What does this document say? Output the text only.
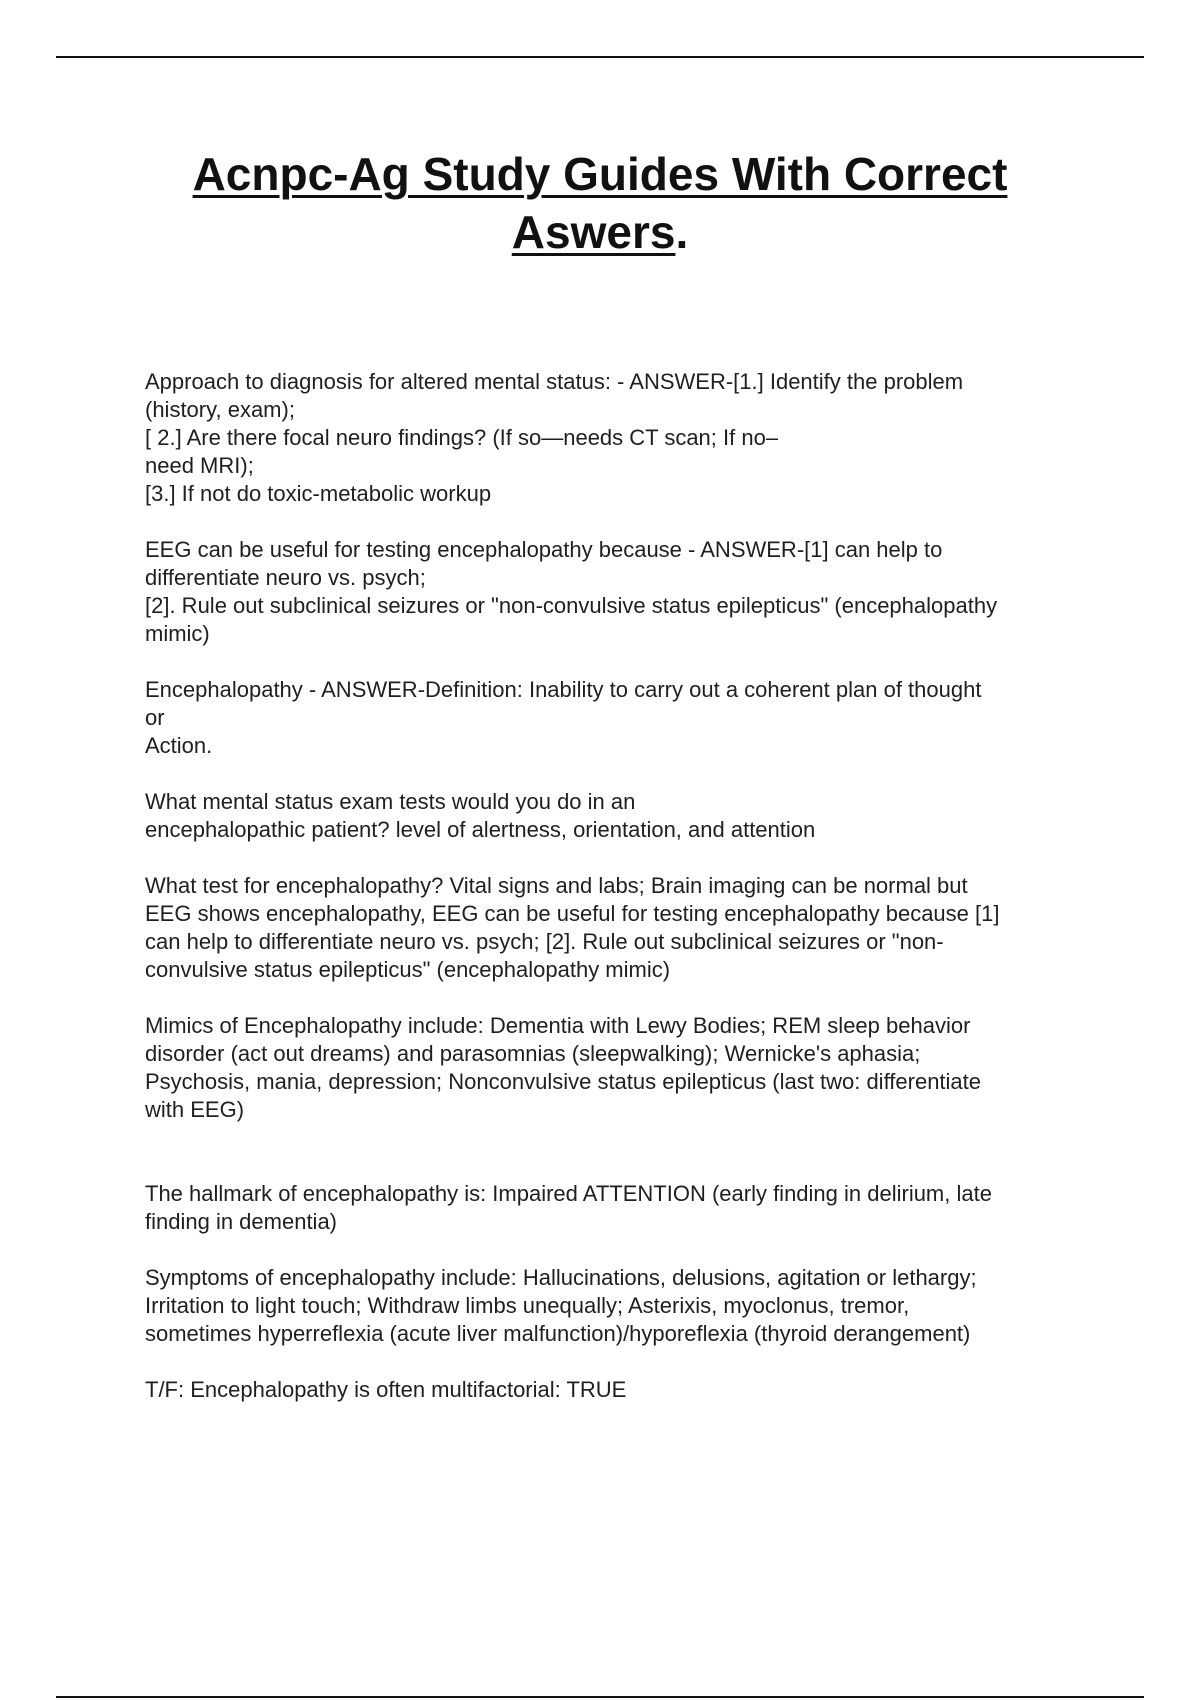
Acnpc-Ag Study Guides With Correct
Aswers.

Approach to diagnosis for altered mental status: - ANSWER-[1.] Identify the problem
(history, exam);
[ 2.] Are there focal neuro findings? (If so—needs CT scan; If no–
need MRI);
[3.] If not do toxic-metabolic workup

EEG can be useful for testing encephalopathy because - ANSWER-[1] can help to
differentiate neuro vs. psych;
[2]. Rule out subclinical seizures or "non-convulsive status epilepticus" (encephalopathy
mimic)

Encephalopathy - ANSWER-Definition: Inability to carry out a coherent plan of thought
or
Action.

What mental status exam tests would you do in an
encephalopathic patient? level of alertness, orientation, and attention

What test for encephalopathy? Vital signs and labs; Brain imaging can be normal but
EEG shows encephalopathy, EEG can be useful for testing encephalopathy because [1]
can help to differentiate neuro vs. psych; [2]. Rule out subclinical seizures or "non-
convulsive status epilepticus" (encephalopathy mimic)

Mimics of Encephalopathy include: Dementia with Lewy Bodies; REM sleep behavior
disorder (act out dreams) and parasomnias (sleepwalking); Wernicke's aphasia;
Psychosis, mania, depression; Nonconvulsive status epilepticus (last two: differentiate
with EEG)

The hallmark of encephalopathy is: Impaired ATTENTION (early finding in delirium, late
finding in dementia)

Symptoms of encephalopathy include: Hallucinations, delusions, agitation or lethargy;
Irritation to light touch; Withdraw limbs unequally; Asterixis, myoclonus, tremor,
sometimes hyperreflexia (acute liver malfunction)/hyporeflexia (thyroid derangement)

T/F: Encephalopathy is often multifactorial: TRUE
